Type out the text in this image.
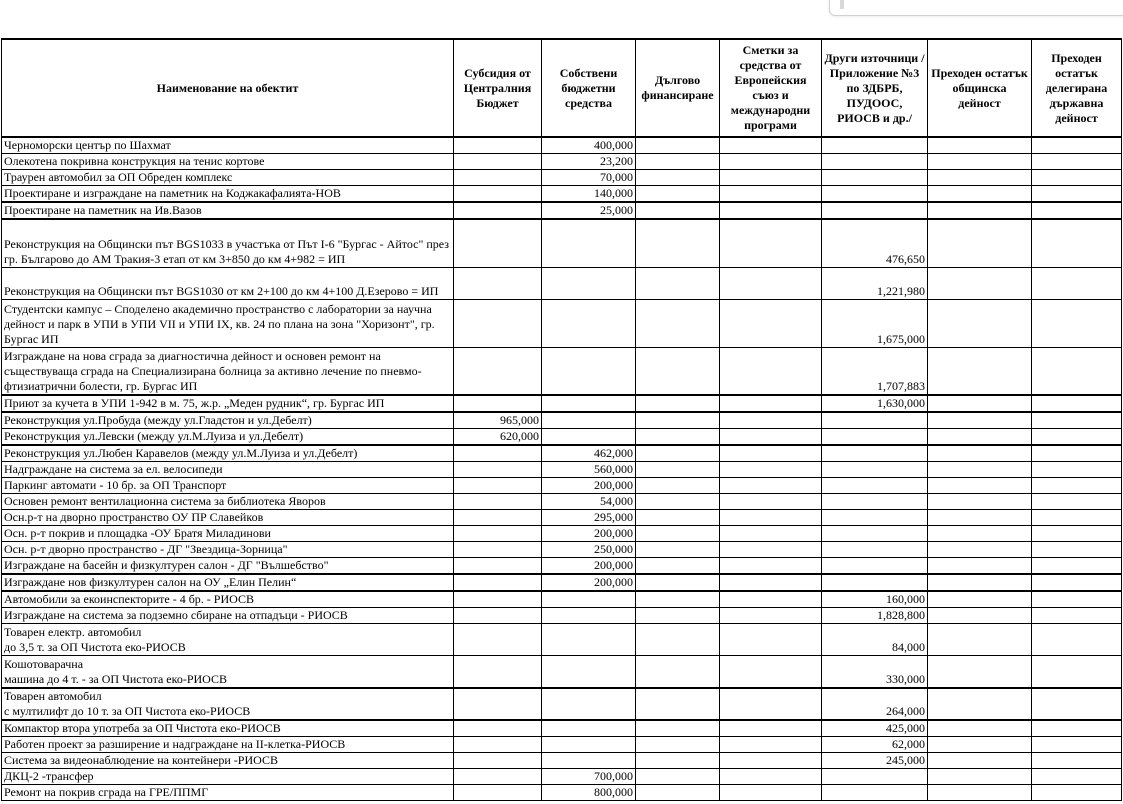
Наименование на обектит	Субсидия от Централния Бюджет	Собствени бюджетни средства	Дългово финансиране	Сметки за средства от Европейския съюз и международни програми	Други източници /Приложение №3 по ЗДБРБ, ПУДООС, РИОСВ и др./	Преходен остатък общинска дейност	Преходен остатък делегирана държавна дейност
Черноморски център по Шахмат		400,000					
Олекотена покривна конструкция на тенис кортове		23,200					
Траурен автомобил за ОП Обреден комплекс		70,000					
Проектиране и изграждане на паметник на Коджакафалията-НОВ		140,000					
Проектиране на паметник на Ив.Вазов		25,000					
Реконструкция на Общински път BGS1033 в участъка от Път I-6 "Бургас - Айтос" през гр. Българово до АМ Тракия-3 етап от км 3+850 до км 4+982 = ИП					476,650		
Реконструкция на Общински път BGS1030 от км 2+100 до км 4+100 Д.Езерово = ИП					1,221,980		
Студентски кампус – Споделено академично пространство с лаборатории за научна дейност и парк в УПИ в УПИ VII и УПИ IX, кв. 24 по плана на зона "Хоризонт", гр. Бургас ИП					1,675,000		
Изграждане на нова сграда за диагностична дейност и основен ремонт на съществуваща сграда на Специализирана болница за активно лечение по пневмо-фтизиатрични болести, гр. Бургас ИП					1,707,883		
Приют за кучета в УПИ 1-942 в м. 75, ж.р. „Меден рудник“, гр. Бургас ИП					1,630,000		
Реконструкция ул.Пробуда (между ул.Гладстон и ул.Дебелт)	965,000						
Реконструкция ул.Левски (между ул.М.Луиза и ул.Дебелт)	620,000						
Реконструкция ул.Любен Каравелов (между ул.М.Луиза и ул.Дебелт)		462,000					
Надграждане на система за ел. велосипеди		560,000					
Паркинг автомати - 10 бр. за ОП Транспорт		200,000					
Основен ремонт вентилационна система за библиотека Яворов		54,000					
Осн.р-т на дворно пространство ОУ ПР Славейков		295,000					
Осн. р-т покрив и площадка -ОУ Братя Миладинови		200,000					
Осн. р-т дворно пространство - ДГ "Звездица-Зорница"		250,000					
Изграждане на басейн и физкултурен салон - ДГ "Вълшебство"		200,000					
Изграждане нов физкултурен салон на ОУ „Елин Пелин“		200,000					
Автомобили за екоинспекторите - 4 бр. - РИОСВ					160,000		
Изграждане на система за подземно сбиране на отпадъци - РИОСВ					1,828,800		
Товарен електр. автомобил
до 3,5 т. за ОП Чистота еко-РИОСВ					84,000		
Кошотоварачна
машина до 4 т. - за ОП Чистота еко-РИОСВ					330,000		
Товарен автомобил
с мултилифт до 10 т. за ОП Чистота еко-РИОСВ					264,000		
Компактор втора употреба за ОП Чистота еко-РИОСВ					425,000		
Работен проект за разширение и надграждане на II-клетка-РИОСВ					62,000		
Система за видеонаблюдение на контейнери -РИОСВ					245,000		
ДКЦ-2 -трансфер		700,000					
Ремонт на покрив сграда на ГРЕ/ППМГ		800,000					
